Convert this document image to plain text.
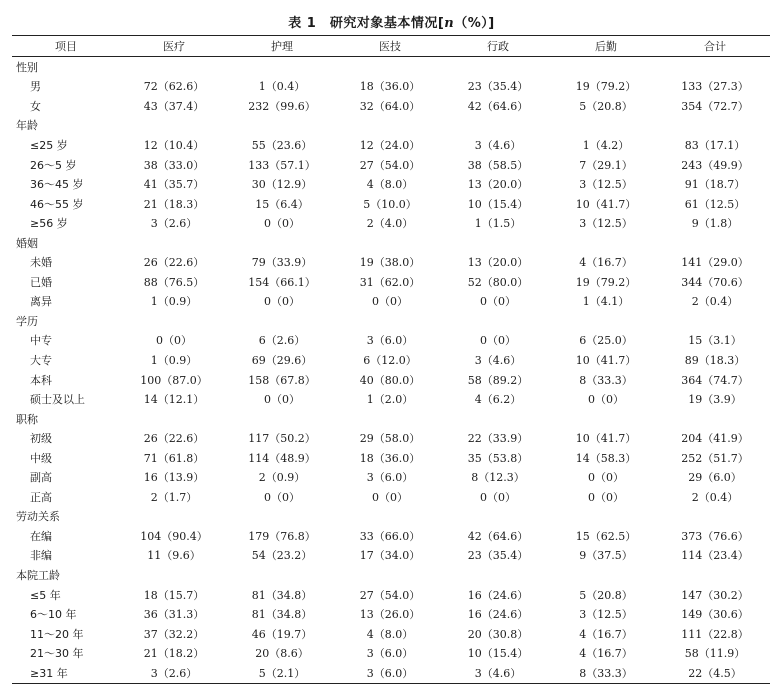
表 1　研究对象基本情况[n（%）]
项目	医疗	护理	医技	行政	后勤	合计
性别						
男	72（62.6）	1（0.4）	18（36.0）	23（35.4）	19（79.2）	133（27.3）
女	43（37.4）	232（99.6）	32（64.0）	42（64.6）	5（20.8）	354（72.7）
年龄						
≤25 岁	12（10.4）	55（23.6）	12（24.0）	3（4.6）	1（4.2）	83（17.1）
26～5 岁	38（33.0）	133（57.1）	27（54.0）	38（58.5）	7（29.1）	243（49.9）
36～45 岁	41（35.7）	30（12.9）	4（8.0）	13（20.0）	3（12.5）	91（18.7）
46～55 岁	21（18.3）	15（6.4）	5（10.0）	10（15.4）	10（41.7）	61（12.5）
≥56 岁	3（2.6）	0（0）	2（4.0）	1（1.5）	3（12.5）	9（1.8）
婚姻						
未婚	26（22.6）	79（33.9）	19（38.0）	13（20.0）	4（16.7）	141（29.0）
已婚	88（76.5）	154（66.1）	31（62.0）	52（80.0）	19（79.2）	344（70.6）
离异	1（0.9）	0（0）	0（0）	0（0）	1（4.1）	2（0.4）
学历						
中专	0（0）	6（2.6）	3（6.0）	0（0）	6（25.0）	15（3.1）
大专	1（0.9）	69（29.6）	6（12.0）	3（4.6）	10（41.7）	89（18.3）
本科	100（87.0）	158（67.8）	40（80.0）	58（89.2）	8（33.3）	364（74.7）
硕士及以上	14（12.1）	0（0）	1（2.0）	4（6.2）	0（0）	19（3.9）
职称						
初级	26（22.6）	117（50.2）	29（58.0）	22（33.9）	10（41.7）	204（41.9）
中级	71（61.8）	114（48.9）	18（36.0）	35（53.8）	14（58.3）	252（51.7）
副高	16（13.9）	2（0.9）	3（6.0）	8（12.3）	0（0）	29（6.0）
正高	2（1.7）	0（0）	0（0）	0（0）	0（0）	2（0.4）
劳动关系						
在编	104（90.4）	179（76.8）	33（66.0）	42（64.6）	15（62.5）	373（76.6）
非编	11（9.6）	54（23.2）	17（34.0）	23（35.4）	9（37.5）	114（23.4）
本院工龄						
≤5 年	18（15.7）	81（34.8）	27（54.0）	16（24.6）	5（20.8）	147（30.2）
6～10 年	36（31.3）	81（34.8）	13（26.0）	16（24.6）	3（12.5）	149（30.6）
11～20 年	37（32.2）	46（19.7）	4（8.0）	20（30.8）	4（16.7）	111（22.8）
21～30 年	21（18.2）	20（8.6）	3（6.0）	10（15.4）	4（16.7）	58（11.9）
≥31 年	3（2.6）	5（2.1）	3（6.0）	3（4.6）	8（33.3）	22（4.5）
